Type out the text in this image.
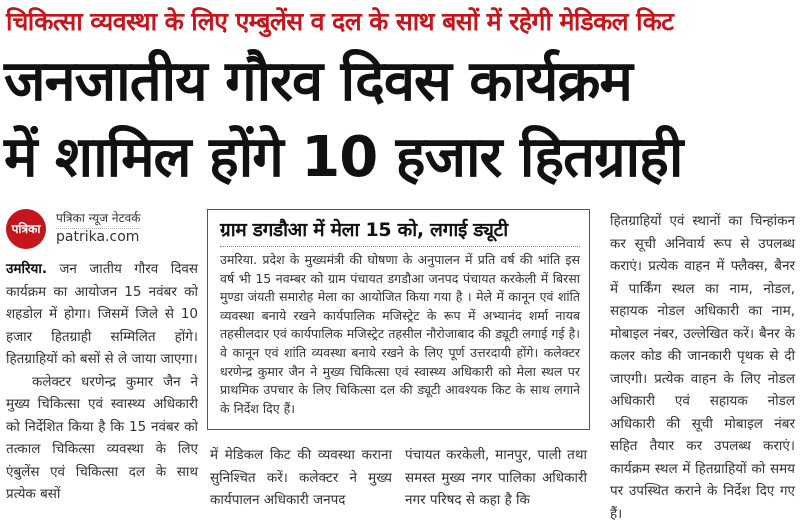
चिकित्सा व्यवस्था के लिए एम्बुलेंस व दल के साथ बसों में रहेगी मेडिकल किट
जनजातीय गौरव दिवस कार्यक्रम
में शामिल होंगे 10 हजार हितग्राही
पत्रिका
पत्रिका न्यूज नेटवर्क
patrika.com

उमरिया. जन जातीय गौरव दिवस कार्यक्रम का आयोजन 15 नवंबर को शहडोल में होगा। जिसमें जिले से 10 हजार हितग्राही सम्मिलित होंगे। हितग्राहियों को बसों से ले जाया जाएगा।

कलेक्टर धरणेन्द्र कुमार जैन ने मुख्य चिकित्सा एवं स्वास्थ्य अधिकारी को निर्देशित किया है कि 15 नवंबर को तत्काल चिकित्सा व्यवस्था के लिए एंबुलेंस एवं चिकित्सा दल के साथ प्रत्येक बसों

ग्राम डगडौआ में मेला 15 को, लगाई ड्यूटी
उमरिया. प्रदेश के मुख्यमंत्री की घोषणा के अनुपालन में प्रति वर्ष की भांति इस वर्ष भी 15 नवम्बर को ग्राम पंचायत डगडौआ जनपद पंचायत करकेली में बिरसा मुण्डा जंयती समारोह मेला का आयोजित किया गया है । मेले में कानून एवं शांति व्यवस्था बनाये रखने कार्यपालिक मजिस्ट्रेट के रूप में अभ्यानंद शर्मा नायब तहसीलदार एवं कार्यपालिक मजिस्ट्रेट तहसील नौरोजाबाद की ड्यूटी लगाई गई है। वे कानून एवं शांति व्यवस्था बनाये रखने के लिए पूर्ण उत्तरदायी होंगे। कलेक्टर धरणेन्द्र कुमार जैन ने मुख्य चिकित्सा एवं स्वास्थ्य अधिकारी को मेला स्थल पर प्राथमिक उपचार के लिए चिकित्सा दल की ड्यूटी आवश्यक किट के साथ लगाने के निर्देश दिए हैं।

में मेडिकल किट की व्यवस्था कराना सुनिश्चित करें। कलेक्टर ने मुख्य कार्यपालन अधिकारी जनपद

पंचायत करकेली, मानपुर, पाली तथा समस्त मुख्य नगर पालिका अधिकारी नगर परिषद से कहा है कि

हितग्राहियों एवं स्थानों का चिन्हांकन कर सूची अनिवार्य रूप से उपलब्ध कराएं। प्रत्येक वाहन में फ्लैक्स, बैनर में पार्किंग स्थल का नाम, नोडल, सहायक नोडल अधिकारी का नाम, मोबाइल नंबर, उल्लेखित करें। बैनर के कलर कोड की जानकारी पृथक से दी जाएगी। प्रत्येक वाहन के लिए नोडल अधिकारी एवं सहायक नोडल अधिकारी की सूची मोबाइल नंबर सहित तैयार कर उपलब्ध कराएं। कार्यक्रम स्थल में हितग्राहियों को समय पर उपस्थित कराने के निर्देश दिए गए हैं।
